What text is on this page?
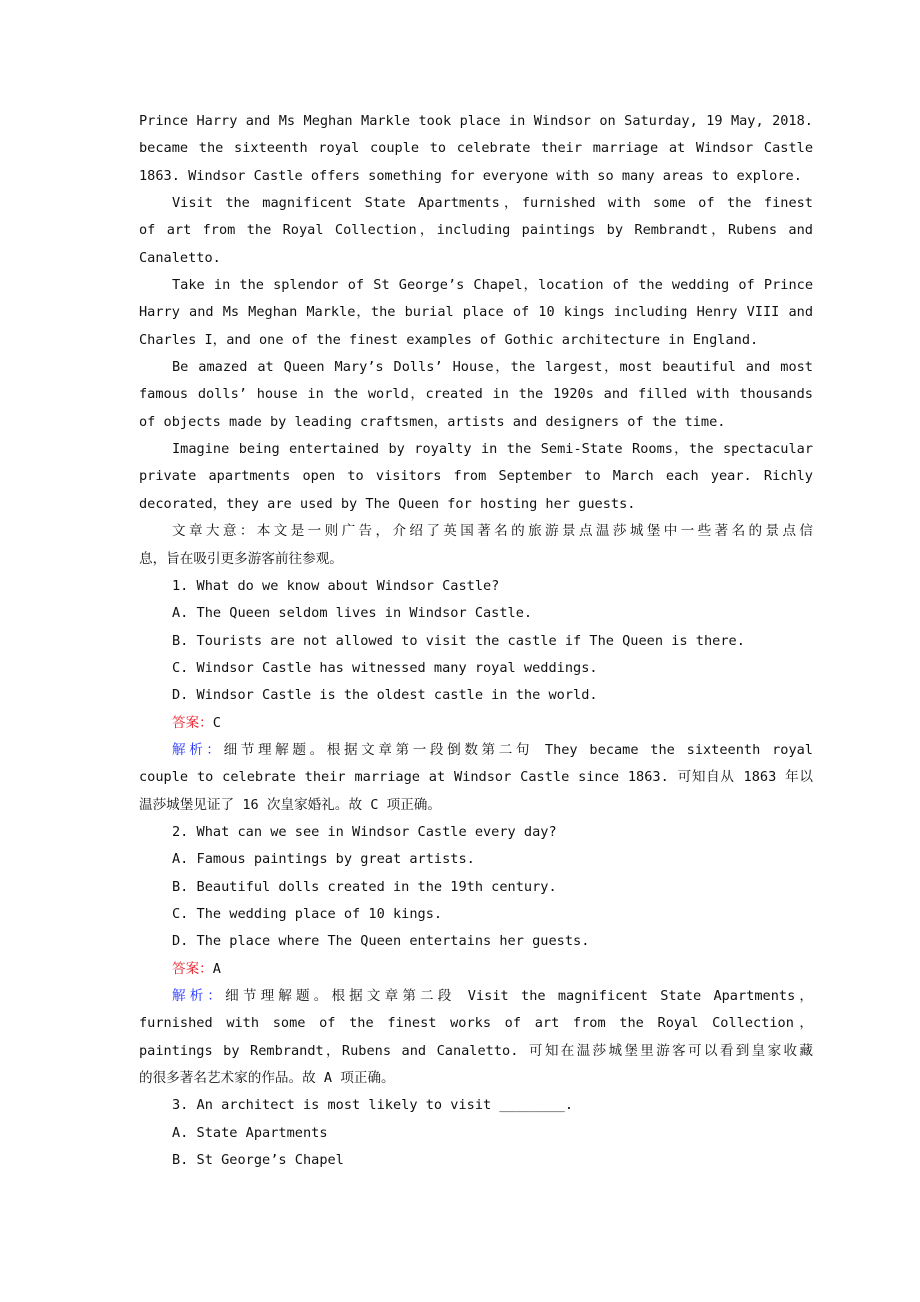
Prince Harry and Ms Meghan Markle took place in Windsor on Saturday, 19 May, 2018.
became the sixteenth royal couple to celebrate their marriage at Windsor Castle
1863. Windsor Castle offers something for everyone with so many areas to explore.
Visit the magnificent State Apartments，furnished with some of the finest
of art from the Royal Collection，including paintings by Rembrandt，Rubens and
Canaletto.
Take in the splendor of St George’s Chapel，location of the wedding of Prince
Harry and Ms Meghan Markle，the burial place of 10 kings including Henry VIII and
Charles I，and one of the finest examples of Gothic architecture in England.
Be amazed at Queen Mary’s Dolls’ House，the largest，most beautiful and most
famous dolls’ house in the world，created in the 1920s and filled with thousands
of objects made by leading craftsmen，artists and designers of the time.
Imagine being entertained by royalty in the Semi-State Rooms，the spectacular
private apartments open to visitors from September to March each year. Richly
decorated，they are used by The Queen for hosting her guests.
文章大意：本文是一则广告，介绍了英国著名的旅游景点温莎城堡中一些著名的景点信
息，旨在吸引更多游客前往参观。
1. What do we know about Windsor Castle?
A. The Queen seldom lives in Windsor Castle.
B. Tourists are not allowed to visit the castle if The Queen is there.
C. Windsor Castle has witnessed many royal weddings.
D. Windsor Castle is the oldest castle in the world.
答案：C
解析：细节理解题。根据文章第一段倒数第二句 They became the sixteenth royal
couple to celebrate their marriage at Windsor Castle since 1863. 可知自从 1863 年以
温莎城堡见证了 16 次皇家婚礼。故 C 项正确。
2. What can we see in Windsor Castle every day?
A. Famous paintings by great artists.
B. Beautiful dolls created in the 19th century.
C. The wedding place of 10 kings.
D. The place where The Queen entertains her guests.
答案：A
解析：细节理解题。根据文章第二段 Visit the magnificent State Apartments，
furnished with some of the finest works of art from the Royal Collection，
paintings by Rembrandt，Rubens and Canaletto. 可知在温莎城堡里游客可以看到皇家收藏
的很多著名艺术家的作品。故 A 项正确。
3. An architect is most likely to visit ________.
A. State Apartments
B. St George’s Chapel
